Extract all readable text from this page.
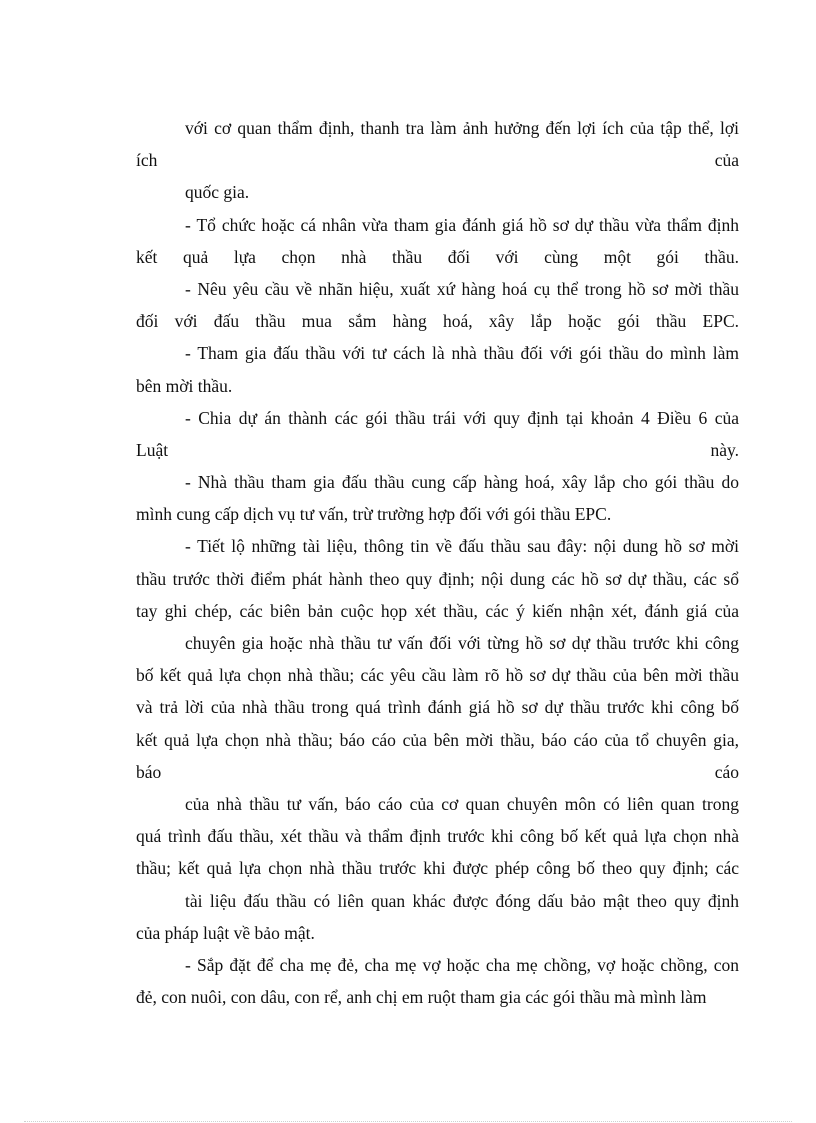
với cơ quan thẩm định, thanh tra làm ảnh hưởng đến lợi ích của tập thể, lợi
ích của
quốc gia.
- Tổ chức hoặc cá nhân vừa tham gia đánh giá hồ sơ dự thầu vừa thẩm định
kết quả lựa chọn nhà thầu đối với cùng một gói thầu.
- Nêu yêu cầu về nhãn hiệu, xuất xứ hàng hoá cụ thể trong hồ sơ mời thầu
đối với đấu thầu mua sắm hàng hoá, xây lắp hoặc gói thầu EPC.
- Tham gia đấu thầu với tư cách là nhà thầu đối với gói thầu do mình làm
bên mời thầu.
- Chia dự án thành các gói thầu trái với quy định tại khoản 4 Điều 6 của
Luật này.
- Nhà thầu tham gia đấu thầu cung cấp hàng hoá, xây lắp cho gói thầu do
mình cung cấp dịch vụ tư vấn, trừ trường hợp đối với gói thầu EPC.
- Tiết lộ những tài liệu, thông tin về đấu thầu sau đây: nội dung hồ sơ mời
thầu trước thời điểm phát hành theo quy định; nội dung các hồ sơ dự thầu, các sổ
tay ghi chép, các biên bản cuộc họp xét thầu, các ý kiến nhận xét, đánh giá của
chuyên gia hoặc nhà thầu tư vấn đối với từng hồ sơ dự thầu trước khi công
bố kết quả lựa chọn nhà thầu; các yêu cầu làm rõ hồ sơ dự thầu của bên mời thầu
và trả lời của nhà thầu trong quá trình đánh giá hồ sơ dự thầu trước khi công bố
kết quả lựa chọn nhà thầu; báo cáo của bên mời thầu, báo cáo của tổ chuyên gia,
báo cáo
của nhà thầu tư vấn, báo cáo của cơ quan chuyên môn có liên quan trong
quá trình đấu thầu, xét thầu và thẩm định trước khi công bố kết quả lựa chọn nhà
thầu; kết quả lựa chọn nhà thầu trước khi được phép công bố theo quy định; các
tài liệu đấu thầu có liên quan khác được đóng dấu bảo mật theo quy định
của pháp luật về bảo mật.
- Sắp đặt để cha mẹ đẻ, cha mẹ vợ hoặc cha mẹ chồng, vợ hoặc chồng, con
đẻ, con nuôi, con dâu, con rể, anh chị em ruột tham gia các gói thầu mà mình làm
